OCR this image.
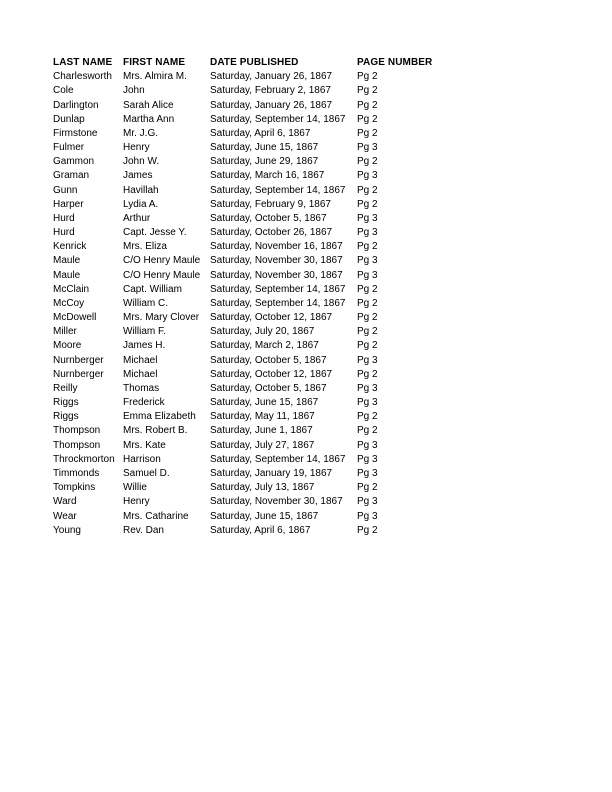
LAST NAME	FIRST NAME	DATE PUBLISHED	PAGE NUMBER
Charlesworth	Mrs. Almira M.	Saturday, January 26, 1867	Pg 2
Cole	John	Saturday, February 2, 1867	Pg 2
Darlington	Sarah Alice	Saturday, January 26, 1867	Pg 2
Dunlap	Martha Ann	Saturday, September 14, 1867	Pg 2
Firmstone	Mr. J.G.	Saturday, April 6, 1867	Pg 2
Fulmer	Henry	Saturday, June 15, 1867	Pg 3
Gammon	John W.	Saturday, June 29, 1867	Pg 2
Graman	James	Saturday, March 16, 1867	Pg 3
Gunn	Havillah	Saturday, September 14, 1867	Pg 2
Harper	Lydia A.	Saturday, February 9, 1867	Pg 2
Hurd	Arthur	Saturday, October 5, 1867	Pg 3
Hurd	Capt. Jesse Y.	Saturday, October 26, 1867	Pg 3
Kenrick	Mrs. Eliza	Saturday, November 16, 1867	Pg 2
Maule	C/O Henry Maule	Saturday, November 30, 1867	Pg 3
Maule	C/O Henry Maule	Saturday, November 30, 1867	Pg 3
McClain	Capt. William	Saturday, September 14, 1867	Pg 2
McCoy	William C.	Saturday, September 14, 1867	Pg 2
McDowell	Mrs. Mary Clover	Saturday, October 12, 1867	Pg 2
Miller	William F.	Saturday, July 20, 1867	Pg 2
Moore	James H.	Saturday, March 2, 1867	Pg 2
Nurnberger	Michael	Saturday, October 5, 1867	Pg 3
Nurnberger	Michael	Saturday, October 12, 1867	Pg 2
Reilly	Thomas	Saturday, October 5, 1867	Pg 3
Riggs	Frederick	Saturday, June 15, 1867	Pg 3
Riggs	Emma Elizabeth	Saturday, May 11, 1867	Pg 2
Thompson	Mrs. Robert B.	Saturday, June 1, 1867	Pg 2
Thompson	Mrs. Kate	Saturday, July 27, 1867	Pg 3
Throckmorton	Harrison	Saturday, September 14, 1867	Pg 3
Timmonds	Samuel D.	Saturday, January 19, 1867	Pg 3
Tompkins	Willie	Saturday, July 13, 1867	Pg 2
Ward	Henry	Saturday, November 30, 1867	Pg 3
Wear	Mrs. Catharine	Saturday, June 15, 1867	Pg 3
Young	Rev. Dan	Saturday, April 6, 1867	Pg 2
